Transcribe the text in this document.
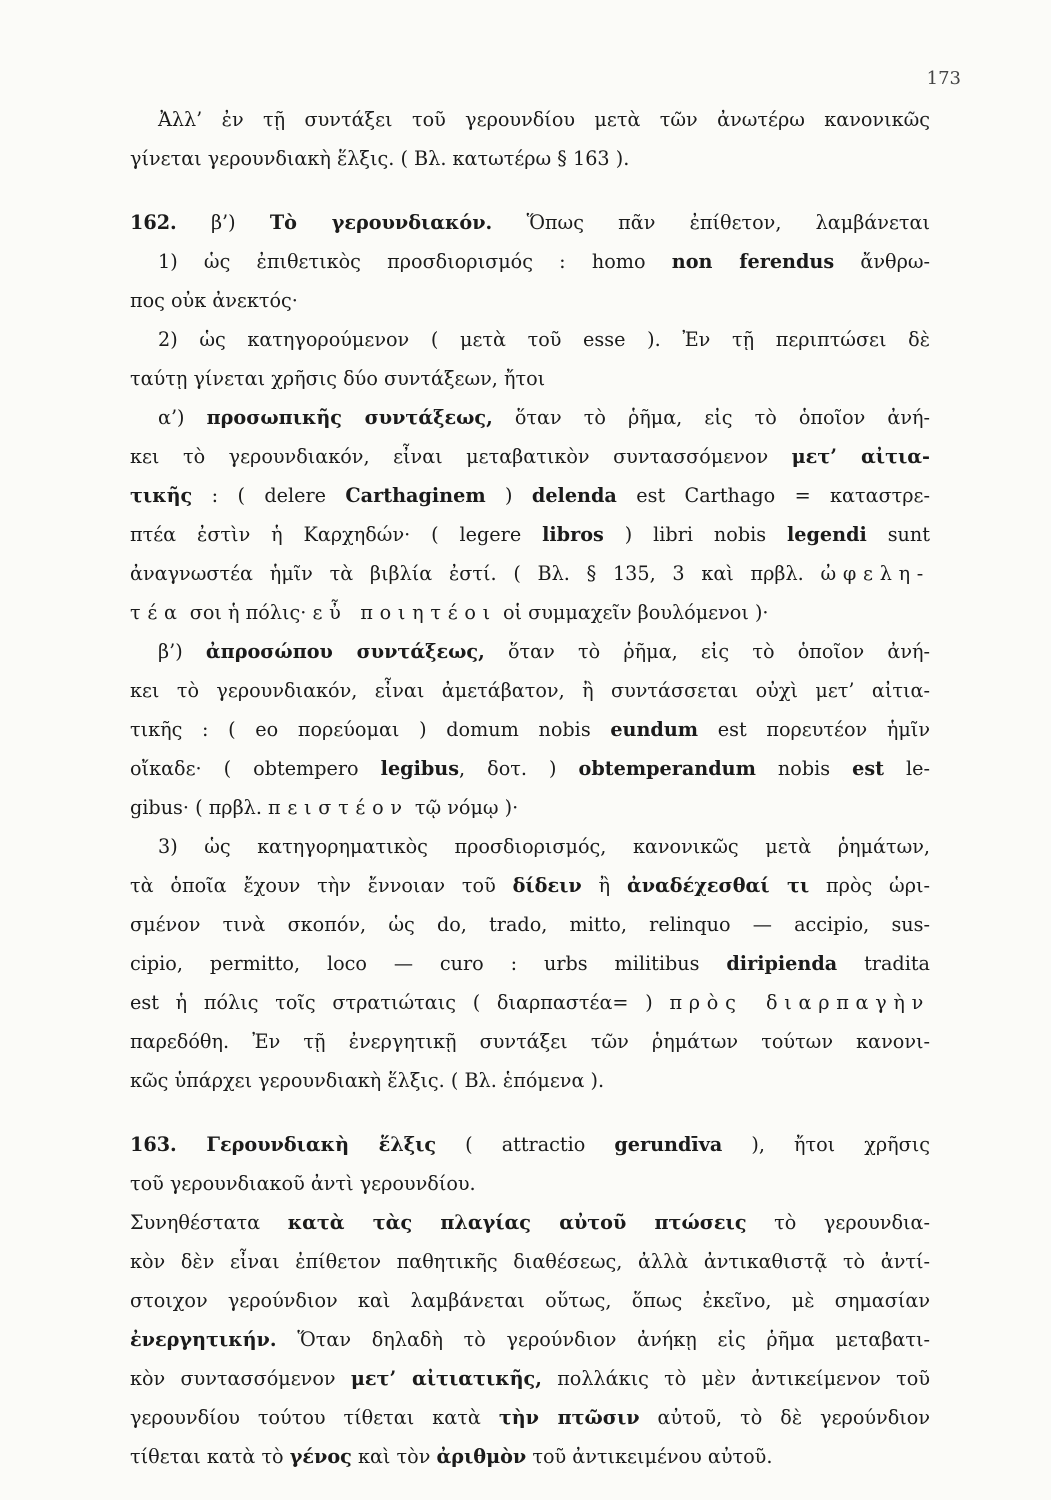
173
Ἀλλ’ ἐν τῇ συντάξει τοῦ γερουνδίου μετὰ τῶν ἀνωτέρω κανονικῶς
γίνεται γερουνδιακὴ ἕλξις. ( Βλ. κατωτέρω § 163 ).
162. β’) Τὸ γερουνδιακόν. Ὅπως πᾶν ἐπίθετον, λαμβάνεται
1) ὡς ἐπιθετικὸς προσδιορισμός : homo non ferendus ἄνθρω-
πος οὐκ ἀνεκτός·
2) ὡς κατηγορούμενον ( μετὰ τοῦ esse ). Ἐν τῇ περιπτώσει δὲ
ταύτῃ γίνεται χρῆσις δύο συντάξεων, ἤτοι
α’) προσωπικῆς συντάξεως, ὅταν τὸ ῥῆμα, εἰς τὸ ὁποῖον ἀνή-
κει τὸ γερουνδιακόν, εἶναι μεταβατικὸν συντασσόμενον μετ’ αἰτια-
τικῆς : ( delere Carthaginem ) delenda est Carthago = καταστρε-
πτέα ἐστὶν ἡ Καρχηδών· ( legere libros ) libri nobis legendi sunt
ἀναγνωστέα ἡμῖν τὰ βιβλία ἐστί. ( Βλ. § 135, 3 καὶ πρβλ. ὠφελη-
τέα σοι ἡ πόλις· εὖ ποιητέοι οἱ συμμαχεῖν βουλόμενοι )·
β’) ἀπροσώπου συντάξεως, ὅταν τὸ ῥῆμα, εἰς τὸ ὁποῖον ἀνή-
κει τὸ γερουνδιακόν, εἶναι ἀμετάβατον, ἢ συντάσσεται οὐχὶ μετ’ αἰτια-
τικῆς : ( eo πορεύομαι ) domum nobis eundum est πορευτέον ἡμῖν
οἴκαδε· ( obtempero legibus, δοτ. ) obtemperandum nobis est le-
gibus· ( πρβλ. πειστέον τῷ νόμῳ )·
3) ὡς κατηγορηματικὸς προσδιορισμός, κανονικῶς μετὰ ῥημάτων,
τὰ ὁποῖα ἔχουν τὴν ἔννοιαν τοῦ δίδειν ἢ ἀναδέχεσθαί τι πρὸς ὡρι-
σμένον τινὰ σκοπόν, ὡς do, trado, mitto, relinquo — accipio, sus-
cipio, permitto, loco — curo : urbs militibus diripienda tradita
est ἡ πόλις τοῖς στρατιώταις ( διαρπαστέα= ) πρὸς διαρπαγὴν
παρεδόθη. Ἐν τῇ ἐνεργητικῇ συντάξει τῶν ῥημάτων τούτων κανονι-
κῶς ὑπάρχει γερουνδιακὴ ἕλξις. ( Βλ. ἑπόμενα ).
163. Γερουνδιακὴ ἕλξις ( attractio gerundīva ), ἤτοι χρῆσις
τοῦ γερουνδιακοῦ ἀντὶ γερουνδίου.
Συνηθέστατα κατὰ τὰς πλαγίας αὐτοῦ πτώσεις τὸ γερουνδια-
κὸν δὲν εἶναι ἐπίθετον παθητικῆς διαθέσεως, ἀλλὰ ἀντικαθιστᾷ τὸ ἀντί-
στοιχον γερούνδιον καὶ λαμβάνεται οὕτως, ὅπως ἐκεῖνο, μὲ σημασίαν
ἐνεργητικήν. Ὅταν δηλαδὴ τὸ γερούνδιον ἀνήκῃ εἰς ῥῆμα μεταβατι-
κὸν συντασσόμενον μετ’ αἰτιατικῆς, πολλάκις τὸ μὲν ἀντικείμενον τοῦ
γερουνδίου τούτου τίθεται κατὰ τὴν πτῶσιν αὐτοῦ, τὸ δὲ γερούνδιον
τίθεται κατὰ τὸ γένος καὶ τὸν ἀριθμὸν τοῦ ἀντικειμένου αὐτοῦ.
